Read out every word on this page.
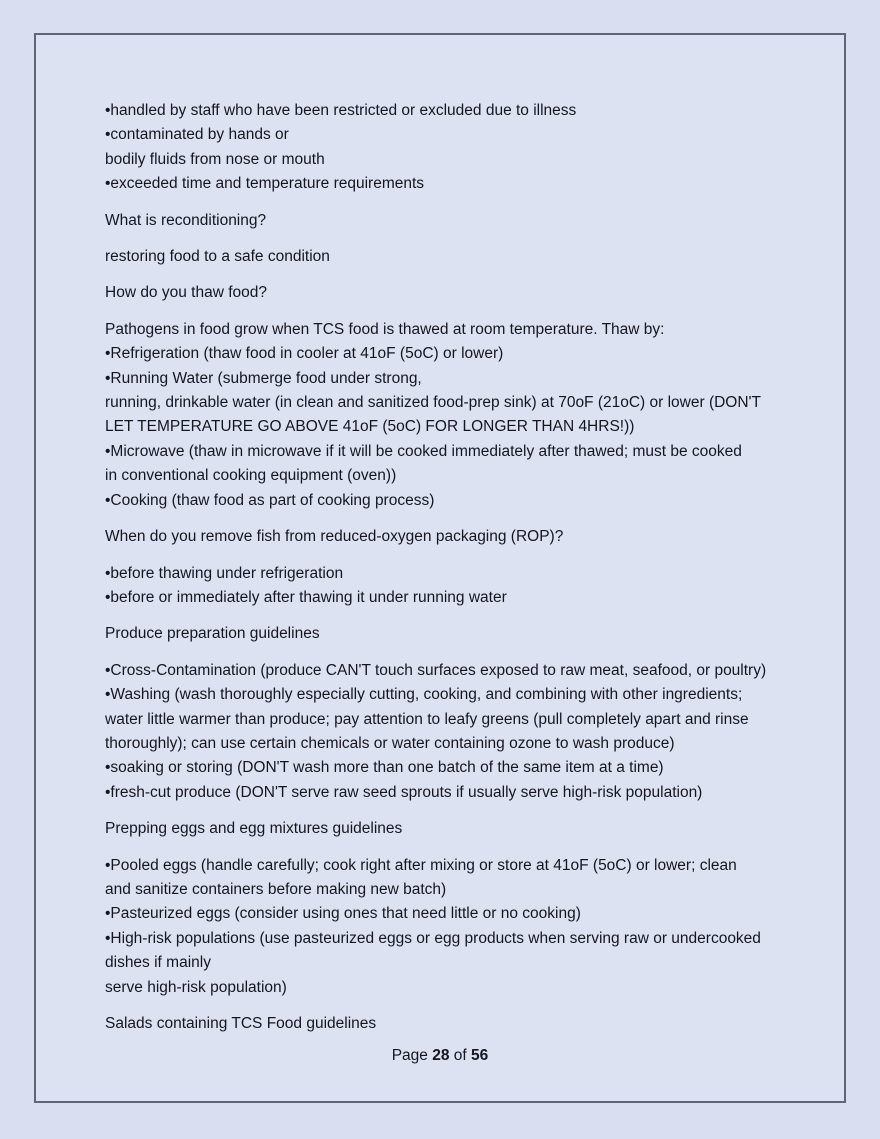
•handled by staff who have been restricted or excluded due to illness
•contaminated by hands or
bodily fluids from nose or mouth
•exceeded time and temperature requirements
What is reconditioning?
restoring food to a safe condition
How do you thaw food?
Pathogens in food grow when TCS food is thawed at room temperature. Thaw by:
•Refrigeration (thaw food in cooler at 41oF (5oC) or lower)
•Running Water (submerge food under strong,
running, drinkable water (in clean and sanitized food-prep sink) at 70oF (21oC) or lower (DON'T
LET TEMPERATURE GO ABOVE 41oF (5oC) FOR LONGER THAN 4HRS!))
•Microwave (thaw in microwave if it will be cooked immediately after thawed; must be cooked
in conventional cooking equipment (oven))
•Cooking (thaw food as part of cooking process)
When do you remove fish from reduced-oxygen packaging (ROP)?
•before thawing under refrigeration
•before or immediately after thawing it under running water
Produce preparation guidelines
•Cross-Contamination (produce CAN'T touch surfaces exposed to raw meat, seafood, or poultry)
•Washing (wash thoroughly especially cutting, cooking, and combining with other ingredients;
water little warmer than produce; pay attention to leafy greens (pull completely apart and rinse
thoroughly); can use certain chemicals or water containing ozone to wash produce)
•soaking or storing (DON'T wash more than one batch of the same item at a time)
•fresh-cut produce (DON'T serve raw seed sprouts if usually serve high-risk population)
Prepping eggs and egg mixtures guidelines
•Pooled eggs (handle carefully; cook right after mixing or store at 41oF (5oC) or lower; clean
and sanitize containers before making new batch)
•Pasteurized eggs (consider using ones that need little or no cooking)
•High-risk populations (use pasteurized eggs or egg products when serving raw or undercooked
dishes if mainly
serve high-risk population)
Salads containing TCS Food guidelines
Page 28 of 56
